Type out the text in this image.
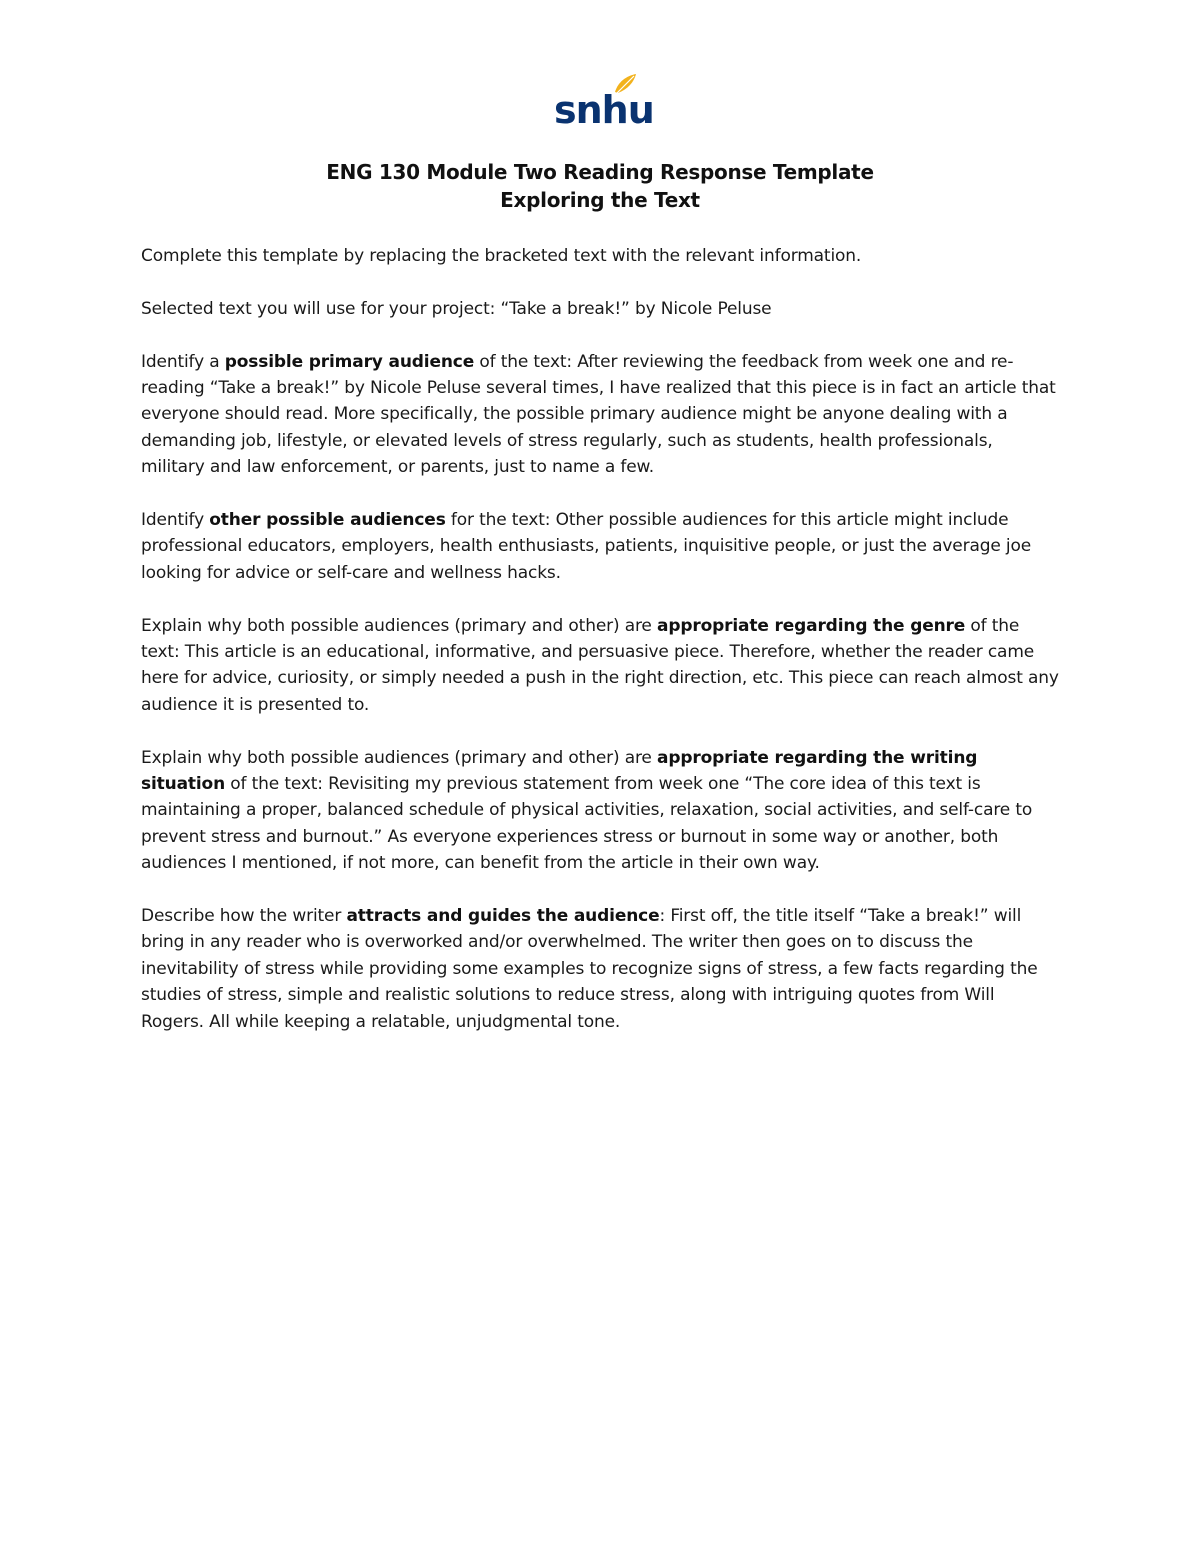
snhu
ENG 130 Module Two Reading Response Template
Exploring the Text

Complete this template by replacing the bracketed text with the relevant information.

Selected text you will use for your project: “Take a break!” by Nicole Peluse

Identify a possible primary audience of the text: After reviewing the feedback from week one and re-reading “Take a break!” by Nicole Peluse several times, I have realized that this piece is in fact an article that everyone should read. More specifically, the possible primary audience might be anyone dealing with a demanding job, lifestyle, or elevated levels of stress regularly, such as students, health professionals, military and law enforcement, or parents, just to name a few.

Identify other possible audiences for the text: Other possible audiences for this article might include professional educators, employers, health enthusiasts, patients, inquisitive people, or just the average joe looking for advice or self-care and wellness hacks.

Explain why both possible audiences (primary and other) are appropriate regarding the genre of the text: This article is an educational, informative, and persuasive piece. Therefore, whether the reader came here for advice, curiosity, or simply needed a push in the right direction, etc. This piece can reach almost any audience it is presented to.

Explain why both possible audiences (primary and other) are appropriate regarding the writing situation of the text: Revisiting my previous statement from week one “The core idea of this text is maintaining a proper, balanced schedule of physical activities, relaxation, social activities, and self-care to prevent stress and burnout.” As everyone experiences stress or burnout in some way or another, both audiences I mentioned, if not more, can benefit from the article in their own way.

Describe how the writer attracts and guides the audience: First off, the title itself “Take a break!” will bring in any reader who is overworked and/or overwhelmed. The writer then goes on to discuss the inevitability of stress while providing some examples to recognize signs of stress, a few facts regarding the studies of stress, simple and realistic solutions to reduce stress, along with intriguing quotes from Will Rogers. All while keeping a relatable, unjudgmental tone.
